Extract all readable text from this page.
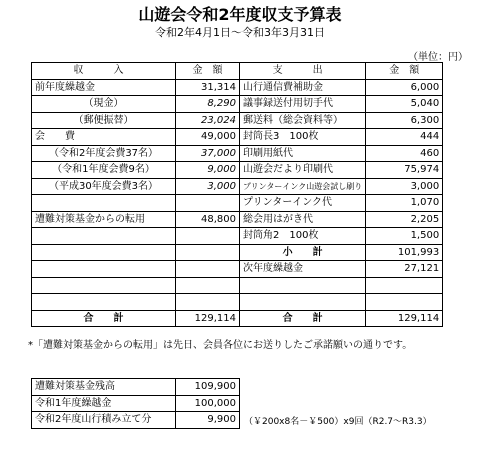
山遊会令和2年度収支予算表
令和2年4月1日～令和3年3月31日
（単位：円）
収　入	金　額	支　出	金　額
前年度繰越金	31,314	山行通信費補助金	6,000
（現金）	8,290	議事録送付用切手代	5,040
（郵便振替）	23,024	郵送料（総会資料等）	6,300
会　　費	49,000	封筒長3　100枚	444
（令和2年度会費37名）	37,000	印刷用紙代	460
（令和1年度会費9名）	9,000	山遊会だより印刷代	75,974
（平成30年度会費3名）	3,000	プリンターインク山遊会試し刷り	3,000
		プリンターインク代	1,070
遭難対策基金からの転用	48,800	総会用はがき代	2,205
		封筒角2　100枚	1,500
		小　　計	101,993
		次年度繰越金	27,121

合　　計	129,114	合　　計	129,114
*「遭難対策基金からの転用」は先日、会員各位にお送りしたご承諾願いの通りです。
遭難対策基金残高	109,900
令和1年度繰越金	100,000
令和2年度山行積み立て分	9,900 （￥200x8名－￥500）x9回（R2.7～R3.3）
